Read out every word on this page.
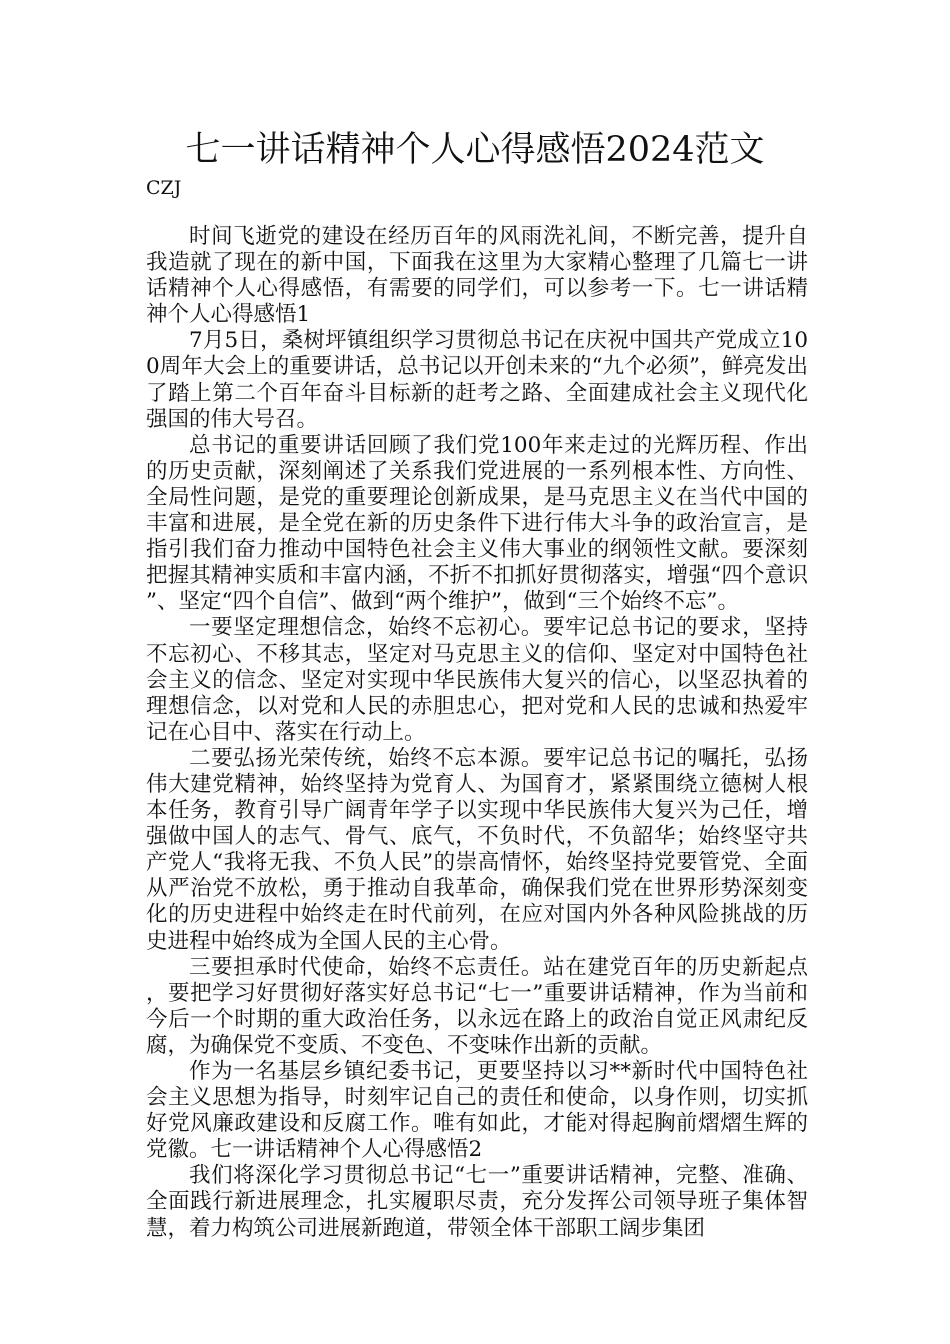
七一讲话精神个人心得感悟2024范文
CZJ

时间飞逝党的建设在经历百年的风雨洗礼间，不断完善，提升自我造就了现在的新中国，下面我在这里为大家精心整理了几篇七一讲话精神个人心得感悟，有需要的同学们，可以参考一下。七一讲话精神个人心得感悟1

7月5日，桑树坪镇组织学习贯彻总书记在庆祝中国共产党成立100周年大会上的重要讲话，总书记以开创未来的“九个必须”，鲜亮发出了踏上第二个百年奋斗目标新的赶考之路、全面建成社会主义现代化强国的伟大号召。

总书记的重要讲话回顾了我们党100年来走过的光辉历程、作出的历史贡献，深刻阐述了关系我们党进展的一系列根本性、方向性、全局性问题，是党的重要理论创新成果，是马克思主义在当代中国的丰富和进展，是全党在新的历史条件下进行伟大斗争的政治宣言，是指引我们奋力推动中国特色社会主义伟大事业的纲领性文献。要深刻把握其精神实质和丰富内涵，不折不扣抓好贯彻落实，增强“四个意识”、坚定“四个自信”、做到“两个维护”，做到“三个始终不忘”。

一要坚定理想信念，始终不忘初心。要牢记总书记的要求，坚持不忘初心、不移其志，坚定对马克思主义的信仰、坚定对中国特色社会主义的信念、坚定对实现中华民族伟大复兴的信心，以坚忍执着的理想信念，以对党和人民的赤胆忠心，把对党和人民的忠诚和热爱牢记在心目中、落实在行动上。

二要弘扬光荣传统，始终不忘本源。要牢记总书记的嘱托，弘扬伟大建党精神，始终坚持为党育人、为国育才，紧紧围绕立德树人根本任务，教育引导广阔青年学子以实现中华民族伟大复兴为己任，增强做中国人的志气、骨气、底气，不负时代，不负韶华；始终坚守共产党人“我将无我、不负人民”的崇高情怀，始终坚持党要管党、全面从严治党不放松，勇于推动自我革命，确保我们党在世界形势深刻变化的历史进程中始终走在时代前列，在应对国内外各种风险挑战的历史进程中始终成为全国人民的主心骨。

三要担承时代使命，始终不忘责任。站在建党百年的历史新起点，要把学习好贯彻好落实好总书记“七一”重要讲话精神，作为当前和今后一个时期的重大政治任务，以永远在路上的政治自觉正风肃纪反腐，为确保党不变质、不变色、不变味作出新的贡献。

作为一名基层乡镇纪委书记，更要坚持以习**新时代中国特色社会主义思想为指导，时刻牢记自己的责任和使命，以身作则，切实抓好党风廉政建设和反腐工作。唯有如此，才能对得起胸前熠熠生辉的党徽。七一讲话精神个人心得感悟2

我们将深化学习贯彻总书记“七一”重要讲话精神，完整、准确、全面践行新进展理念，扎实履职尽责，充分发挥公司领导班子集体智慧，着力构筑公司进展新跑道，带领全体干部职工阔步集团
